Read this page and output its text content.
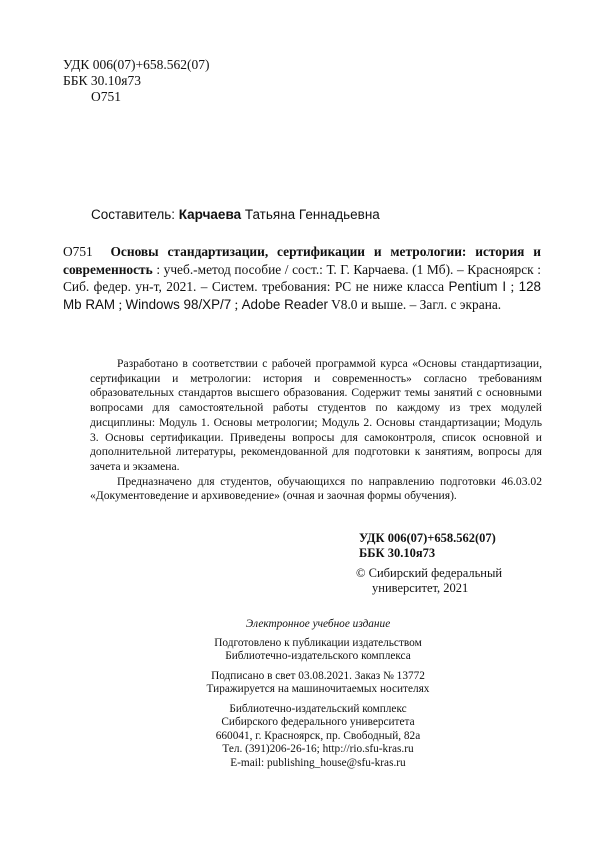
УДК 006(07)+658.562(07)
ББК 30.10я73
О751
Составитель: Карчаева Татьяна Геннадьевна
О751 Основы стандартизации, сертификации и метрологии: история и современность : учеб.-метод пособие / сост.: Т. Г. Карчаева. (1 Мб). – Красноярск : Сиб. федер. ун-т, 2021. – Систем. требования: PC не ниже класса Pentium I ; 128 Mb RAM ; Windows 98/XP/7 ; Adobe Reader V8.0 и выше. – Загл. с экрана.

Разработано в соответствии с рабочей программой курса «Основы стандартизации, сертификации и метрологии: история и современность» согласно требованиям образовательных стандартов высшего образования. Содержит темы занятий с основными вопросами для самостоятельной работы студентов по каждому из трех модулей дисциплины: Модуль 1. Основы метрологии; Модуль 2. Основы стандартизации; Модуль 3. Основы сертификации. Приведены вопросы для самоконтроля, список основной и дополнительной литературы, рекомендованной для подготовки к занятиям, вопросы для зачета и экзамена.

Предназначено для студентов, обучающихся по направлению подготовки 46.03.02 «Документоведение и архивоведение» (очная и заочная формы обучения).

УДК 006(07)+658.562(07)
ББК 30.10я73
© Сибирский федеральный
университет, 2021
Электронное учебное издание
Подготовлено к публикации издательством
Библиотечно-издательского комплекса
Подписано в свет 03.08.2021. Заказ № 13772
Тиражируется на машиночитаемых носителях
Библиотечно-издательский комплекс
Сибирского федерального университета
660041, г. Красноярск, пр. Свободный, 82а
Тел. (391)206-26-16; http://rio.sfu-kras.ru
E-mail: publishing_house@sfu-kras.ru
